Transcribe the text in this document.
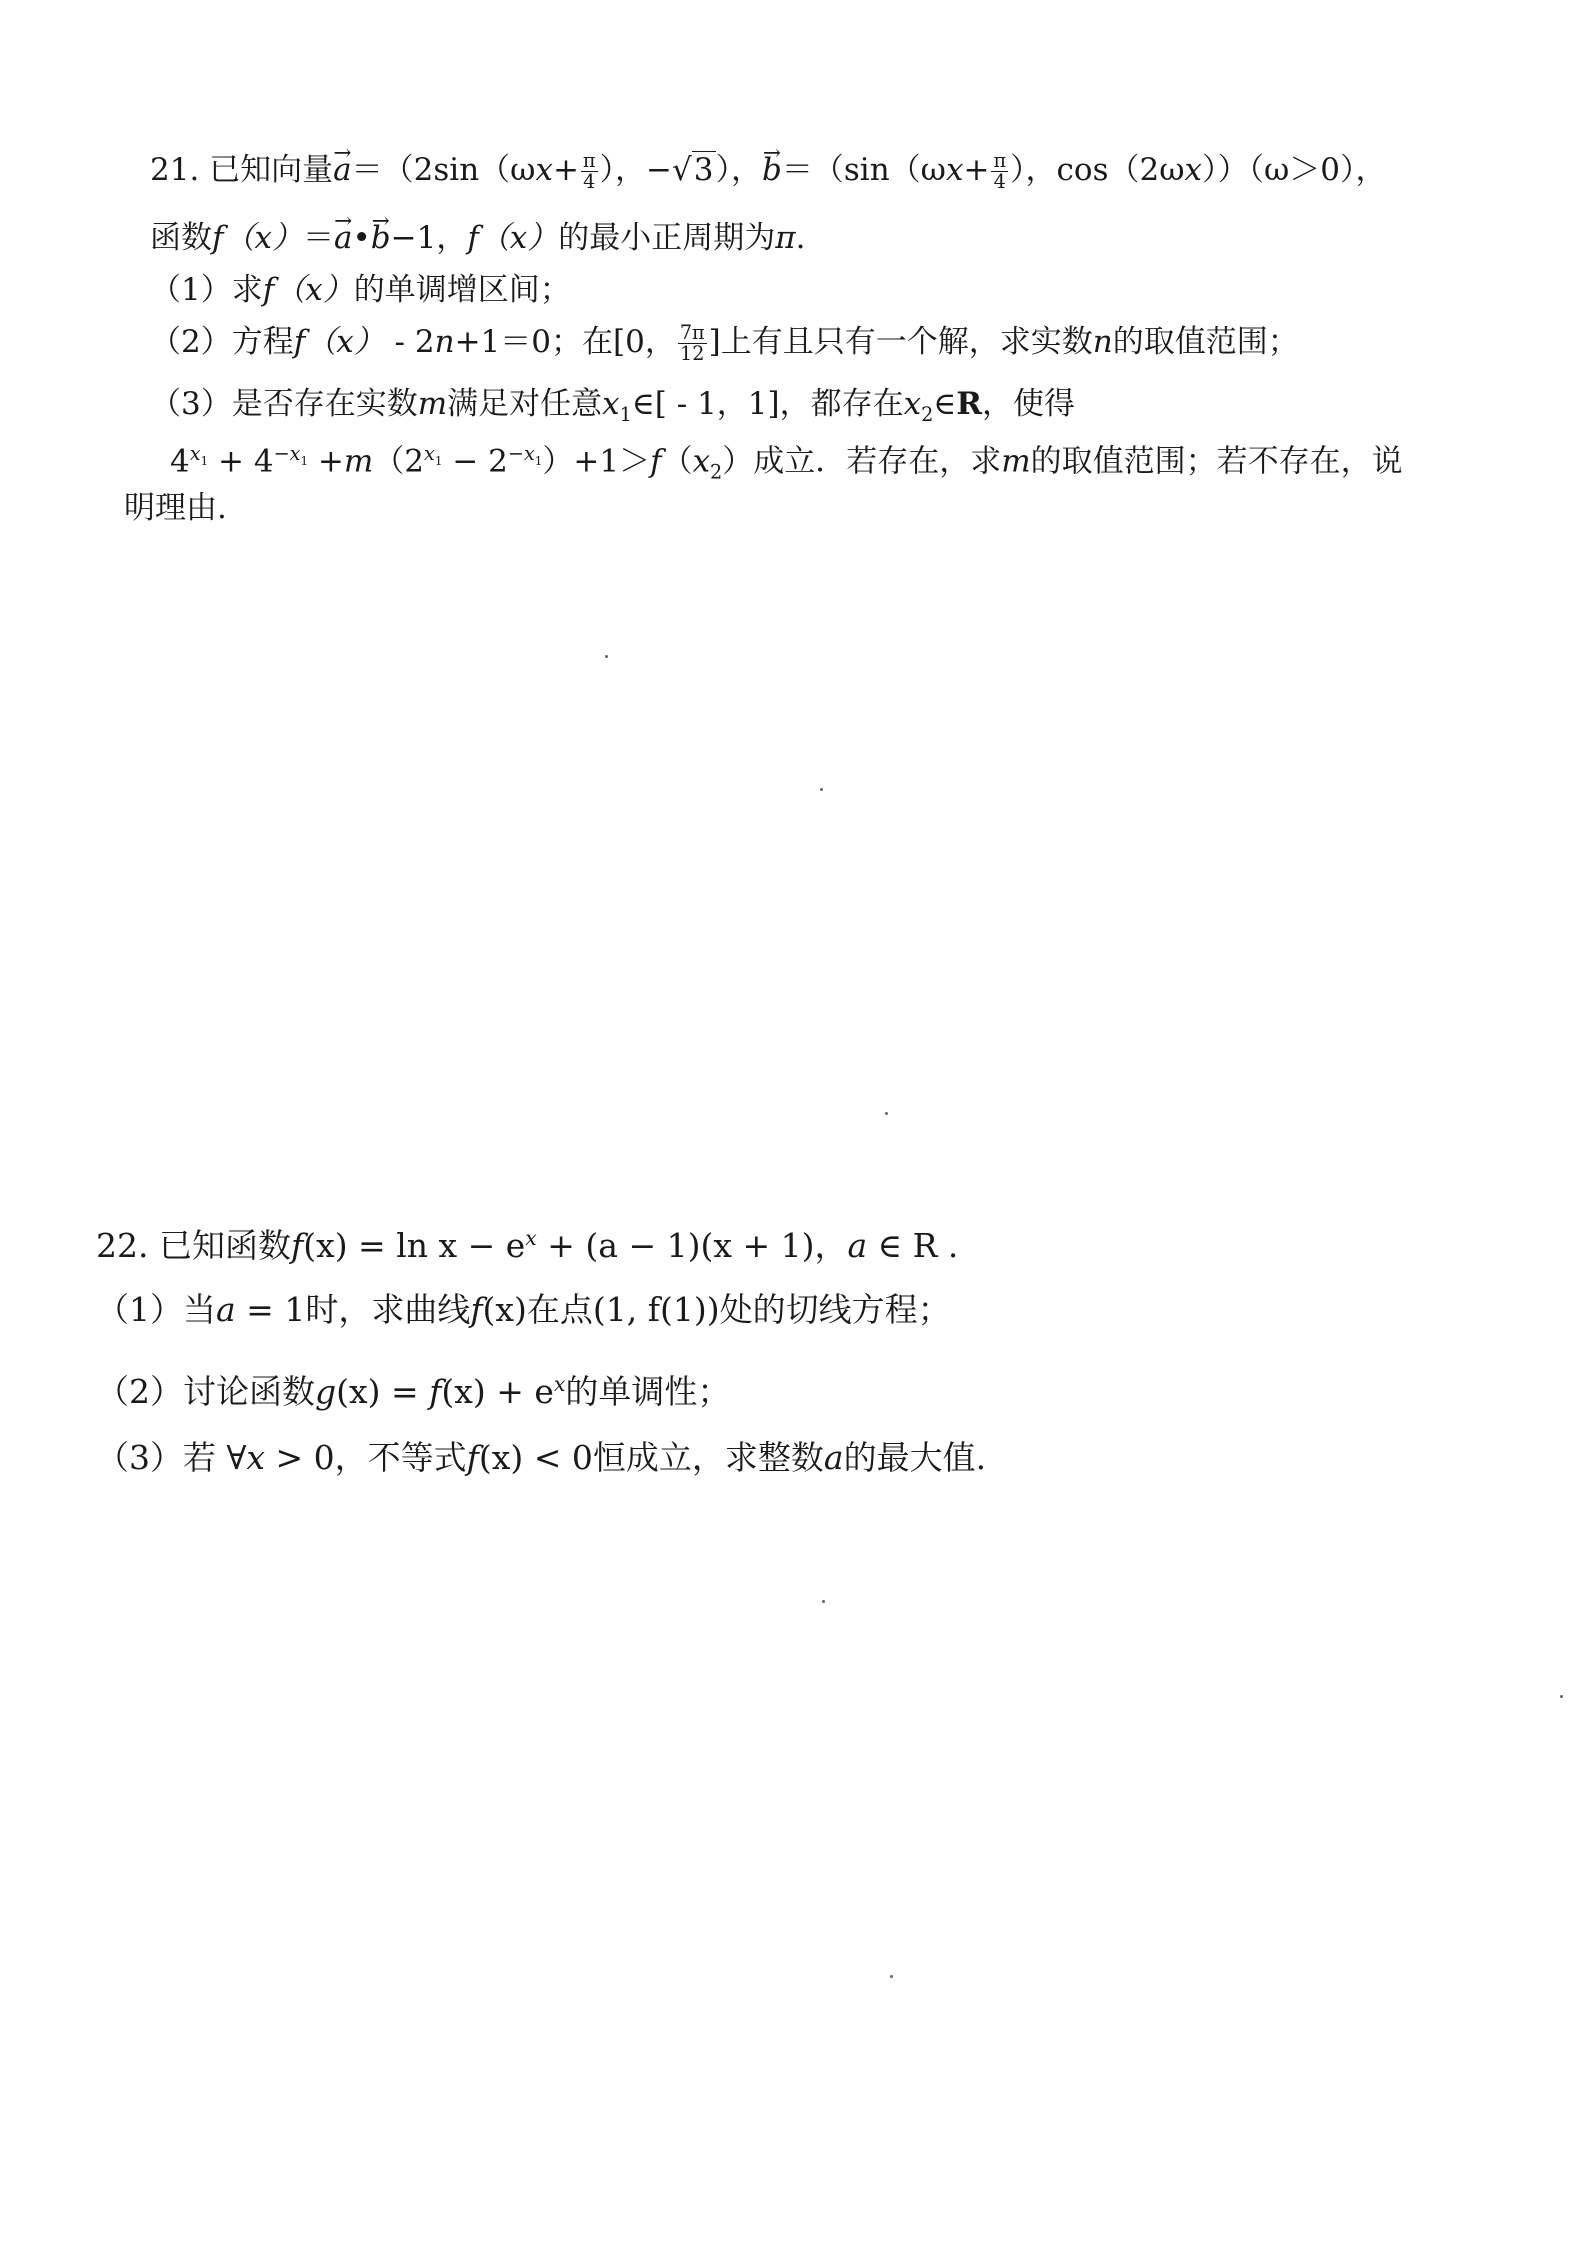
21. 已知向量→ $a=(2\sin(\omega x+ \frac{\pi}{4}$ ），−√3），→ $b=(\sin(\omega x+ \frac{\pi}{4}$ ），cos（2ωx））（ω＞0），
函数f（x）＝→ a•→ b−1，f（x）的最小正周期为π.
（1）求f（x）的单调增区间；
（2）方程f（x） - 2n+1＝0；在[0， $\frac{7\pi}{12}$ ]上有且只有一个解，求实数n的取值范围；
（3）是否存在实数m满足对任意$x_1\in[ - 1$，1]，都存在$x_2\in R$，使得
$4^{x_1} + 4^{-x_1} +m(2^{x_1} - 2^{-x_1})+1>f(x_2)$成立．若存在，求m的取值范围；若不存在，说
明理由.
22. 已知函数$f(x) = \ln x - e^x + (a - 1)(x + 1)$，a ∈ R .
（1）当a = 1时，求曲线f(x)在点(1, f(1))处的切线方程；
（2）讨论函数$g(x) = f(x) + e^x$的单调性；
（3）若 ∀x > 0，不等式f(x) < 0恒成立，求整数a的最大值.
